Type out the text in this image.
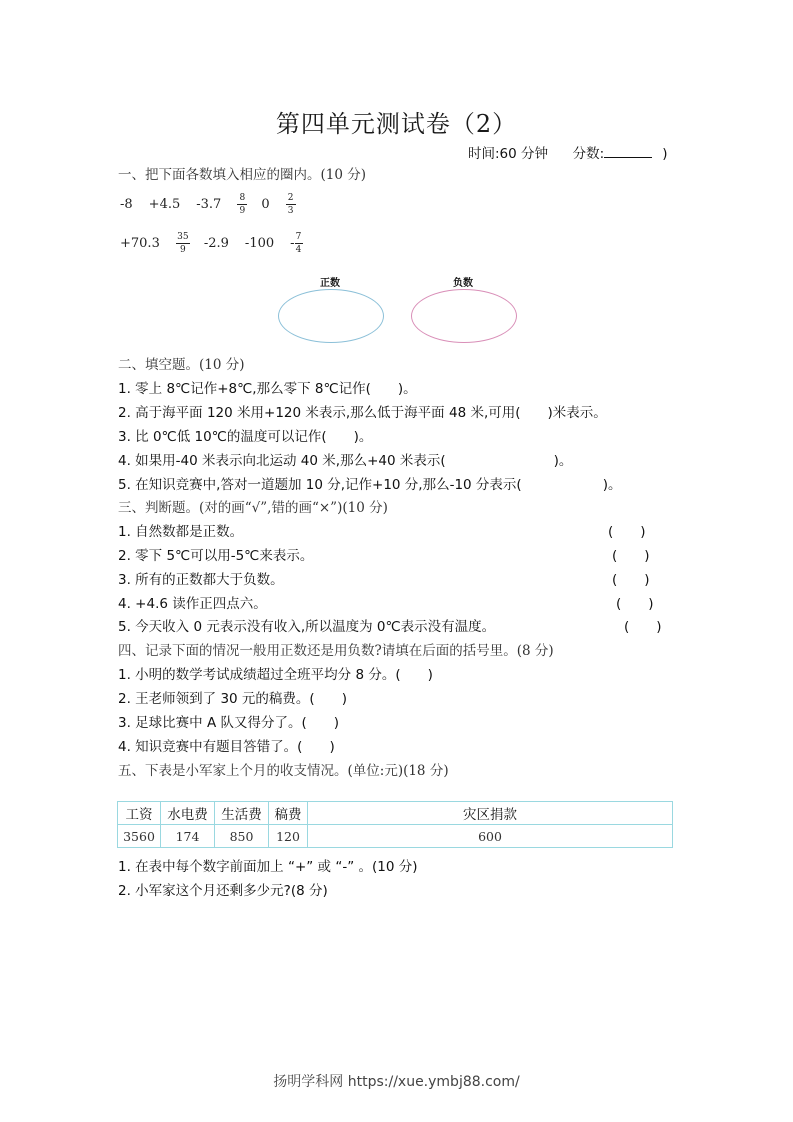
第四单元测试卷（2）
时间:60 分钟 分数:	)
一、把下面各数填入相应的圈内。(10 分)
-8 +4.5 $-3.7 \frac{8}{9} 0 \frac{2}{3}$
$+70.3 \frac{35}{9} -2.9$ -100 - 7
4
正数	负数
二、填空题。(10 分)
1. 零上 8℃记作+8℃,那么零下 8℃记作(　　)。
2. 高于海平面 120 米用+120 米表示,那么低于海平面 48 米,可用(　　)米表示。
3. 比 0℃低 10℃的温度可以记作(　　)。
4. 如果用-40 米表示向北运动 40 米,那么+40 米表示(　　　　　　　　)。
5. 在知识竞赛中,答对一道题加 10 分,记作+10 分,那么-10 分表示(　　　　　　)。
三、判断题。(对的画“√”,错的画“×”)(10 分)
1. 自然数都是正数。	(　　)
2. 零下 5℃可以用-5℃来表示。	(　　)
3. 所有的正数都大于负数。	(　　)
4. +4.6 读作正四点六。	(　　)
5. 今天收入 0 元表示没有收入,所以温度为 0℃表示没有温度。	(　　)
四、记录下面的情况一般用正数还是用负数?请填在后面的括号里。(8 分)
1. 小明的数学考试成绩超过全班平均分 8 分。(　　)
2. 王老师领到了 30 元的稿费。(　　)
3. 足球比赛中 A 队又得分了。(　　)
4. 知识竞赛中有题目答错了。(　　)
五、下表是小军家上个月的收支情况。(单位:元)(18 分)
工资	水电费	生活费	稿费	灾区捐款
3560	174	850	120	600
1. 在表中每个数字前面加上 “+” 或 “-” 。(10 分)
2. 小军家这个月还剩多少元?(8 分)
扬明学科网 https://xue.ymbj88.com/
